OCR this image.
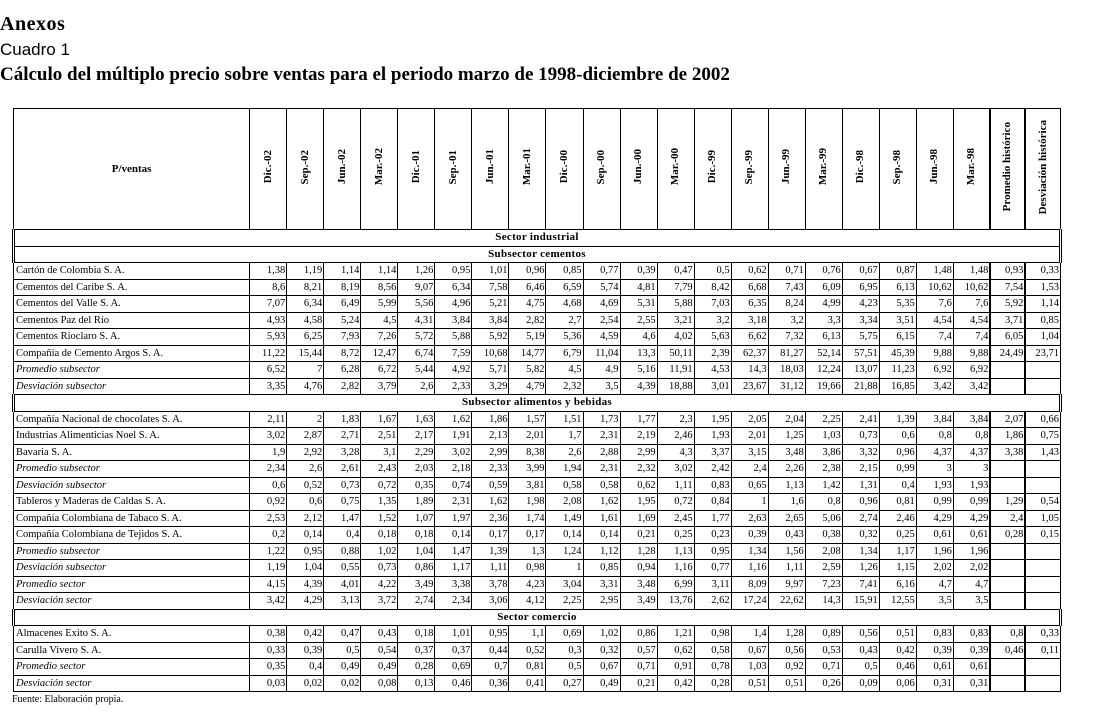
Anexos
Cuadro 1
Cálculo del múltiplo precio sobre ventas para el periodo marzo de 1998-diciembre de 2002
P/ventas	Dic.-02	Sep.-02	Jun.-02	Mar.-02	Dic.-01	Sep.-01	Jun.-01	Mar.-01	Dic.-00	Sep.-00	Jun.-00	Mar.-00	Dic.-99	Sep.-99	Jun.-99	Mar.-99	Dic.-98	Sep.-98	Jun.-98	Mar.-98	Promedio histórico	Desviación histórica
Sector industrial																						
Subsector cementos																						
Cartón de Colombia S. A.	1,38	1,19	1,14	1,14	1,26	0,95	1,01	0,96	0,85	0,77	0,39	0,47	0,5	0,62	0,71	0,76	0,67	0,87	1,48	1,48	0,93	0,33
Cementos del Caribe S. A.	8,6	8,21	8,19	8,56	9,07	6,34	7,58	6,46	6,59	5,74	4,81	7,79	8,42	6,68	7,43	6,09	6,95	6,13	10,62	10,62	7,54	1,53
Cementos del Valle S. A.	7,07	6,34	6,49	5,99	5,56	4,96	5,21	4,75	4,68	4,69	5,31	5,88	7,03	6,35	8,24	4,99	4,23	5,35	7,6	7,6	5,92	1,14
Cementos Paz del Río	4,93	4,58	5,24	4,5	4,31	3,84	3,84	2,82	2,7	2,54	2,55	3,21	3,2	3,18	3,2	3,3	3,34	3,51	4,54	4,54	3,71	0,85
Cementos Rioclaro S. A.	5,93	6,25	7,93	7,26	5,72	5,88	5,92	5,19	5,36	4,59	4,6	4,02	5,63	6,62	7,32	6,13	5,75	6,15	7,4	7,4	6,05	1,04
Compañía de Cemento Argos S. A.	11,22	15,44	8,72	12,47	6,74	7,59	10,68	14,77	6,79	11,04	13,3	50,11	2,39	62,37	81,27	52,14	57,51	45,39	9,88	9,88	24,49	23,71
Promedio subsector	6,52	7	6,28	6,72	5,44	4,92	5,71	5,82	4,5	4,9	5,16	11,91	4,53	14,3	18,03	12,24	13,07	11,23	6,92	6,92		
Desviación subsector	3,35	4,76	2,82	3,79	2,6	2,33	3,29	4,79	2,32	3,5	4,39	18,88	3,01	23,67	31,12	19,66	21,88	16,85	3,42	3,42		
Subsector alimentos y bebidas																						
Compañía Nacional de chocolates S. A.	2,11	2	1,83	1,67	1,63	1,62	1,86	1,57	1,51	1,73	1,77	2,3	1,95	2,05	2,04	2,25	2,41	1,39	3,84	3,84	2,07	0,66
Industrias Alimenticias Noel S. A.	3,02	2,87	2,71	2,51	2,17	1,91	2,13	2,01	1,7	2,31	2,19	2,46	1,93	2,01	1,25	1,03	0,73	0,6	0,8	0,8	1,86	0,75
Bavaria S. A.	1,9	2,92	3,28	3,1	2,29	3,02	2,99	8,38	2,6	2,88	2,99	4,3	3,37	3,15	3,48	3,86	3,32	0,96	4,37	4,37	3,38	1,43
Promedio subsector	2,34	2,6	2,61	2,43	2,03	2,18	2,33	3,99	1,94	2,31	2,32	3,02	2,42	2,4	2,26	2,38	2,15	0,99	3	3		
Desviación subsector	0,6	0,52	0,73	0,72	0,35	0,74	0,59	3,81	0,58	0,58	0,62	1,11	0,83	0,65	1,13	1,42	1,31	0,4	1,93	1,93		
Tableros y Maderas de Caldas S. A.	0,92	0,6	0,75	1,35	1,89	2,31	1,62	1,98	2,08	1,62	1,95	0,72	0,84	1	1,6	0,8	0,96	0,81	0,99	0,99	1,29	0,54
Compañía Colombiana de Tabaco S. A.	2,53	2,12	1,47	1,52	1,07	1,97	2,36	1,74	1,49	1,61	1,69	2,45	1,77	2,63	2,65	5,06	2,74	2,46	4,29	4,29	2,4	1,05
Compañía Colombiana de Tejidos S. A.	0,2	0,14	0,4	0,18	0,18	0,14	0,17	0,17	0,14	0,14	0,21	0,25	0,23	0,39	0,43	0,38	0,32	0,25	0,61	0,61	0,28	0,15
Promedio subsector	1,22	0,95	0,88	1,02	1,04	1,47	1,39	1,3	1,24	1,12	1,28	1,13	0,95	1,34	1,56	2,08	1,34	1,17	1,96	1,96		
Desviación subsector	1,19	1,04	0,55	0,73	0,86	1,17	1,11	0,98	1	0,85	0,94	1,16	0,77	1,16	1,11	2,59	1,26	1,15	2,02	2,02		
Promedio sector	4,15	4,39	4,01	4,22	3,49	3,38	3,78	4,23	3,04	3,31	3,48	6,99	3,11	8,09	9,97	7,23	7,41	6,16	4,7	4,7		
Desviación sector	3,42	4,29	3,13	3,72	2,74	2,34	3,06	4,12	2,25	2,95	3,49	13,76	2,62	17,24	22,62	14,3	15,91	12,55	3,5	3,5		
Sector comercio																						
Almacenes Exito S. A.	0,38	0,42	0,47	0,43	0,18	1,01	0,95	1,1	0,69	1,02	0,86	1,21	0,98	1,4	1,28	0,89	0,56	0,51	0,83	0,83	0,8	0,33
Carulla Vivero S. A.	0,33	0,39	0,5	0,54	0,37	0,37	0,44	0,52	0,3	0,32	0,57	0,62	0,58	0,67	0,56	0,53	0,43	0,42	0,39	0,39	0,46	0,11
Promedio sector	0,35	0,4	0,49	0,49	0,28	0,69	0,7	0,81	0,5	0,67	0,71	0,91	0,78	1,03	0,92	0,71	0,5	0,46	0,61	0,61		
Desviación sector	0,03	0,02	0,02	0,08	0,13	0,46	0,36	0,41	0,27	0,49	0,21	0,42	0,28	0,51	0,51	0,26	0,09	0,06	0,31	0,31		
Fuente: Elaboración propia.
